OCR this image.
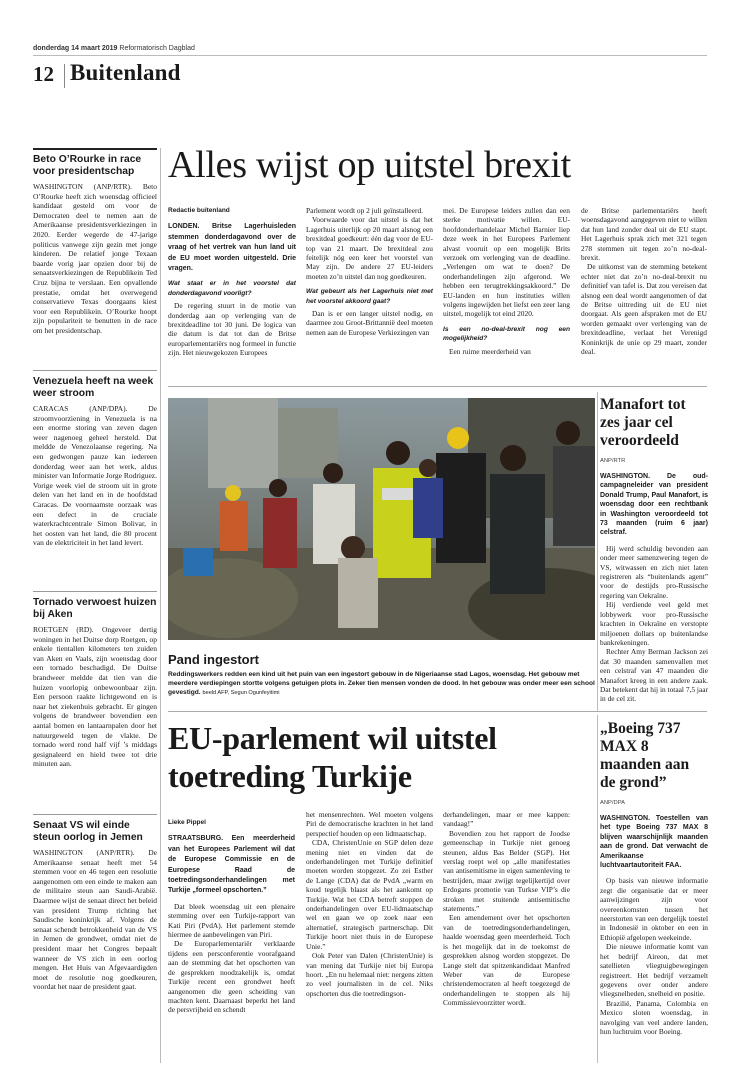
donderdag 14 maart 2019 Reformatorisch Dagblad
12 Buitenland
Beto O’Rourke in race voor presidentschap

WASHINGTON (ANP/RTR). Beto O’Rourke heeft zich woensdag officieel kandidaat gesteld om voor de Democraten deel te nemen aan de Amerikaanse presidentsverkiezingen in 2020. Eerder wegerde de 47-jarige politicus vanwege zijn gezin met jonge kinderen. De relatief jonge Texaan baarde vorig jaar opzien door bij de senaatsverkiezingen de Republikein Ted Cruz bijna te verslaan. Een opvallende prestatie, omdat het overwegend conservatieve Texas doorgaans kiest voor een Republikein. O’Rourke hoopt zijn populariteit te benutten in de race om het presidentschap.

Venezuela heeft na week weer stroom

CARACAS (ANP/DPA). De stroomvoorziening in Venezuela is na een enorme storing van zeven dagen weer nagenoeg geheel hersteld. Dat meldde de Venezolaanse regering. Na een gedwongen pauze kan iedereen donderdag weer aan het werk, aldus minister van Informatie Jorge Rodriguez. Vorige week viel de stroom uit in grote delen van het land en in de hoofdstad Caracas. De voornaamste oorzaak was een defect in de cruciale waterkrachtcentrale Simon Bolivar, in het oosten van het land, die 80 procent van de elektriciteit in het land levert.

Tornado verwoest huizen bij Aken

ROETGEN (RD). Ongeveer dertig woningen in het Duitse dorp Roetgen, op enkele tientallen kilometers ten zuiden van Aken en Vaals, zijn woensdag door een tornado beschadigd. De Duitse brandweer meldde dat tien van die huizen voorlopig onbewoonbaar zijn. Een persoon raakte lichtgewond en is naar het ziekenhuis gebracht. Er gingen volgens de brandweer bovendien een aantal bomen en lantaarnpalen door het natuurgeweld tegen de vlakte. De tornado werd rond half vijf ’s middags gesignaleerd en hield twee tot drie minuten aan.

Senaat VS wil einde steun oorlog in Jemen

WASHINGTON (ANP/RTR). De Amerikaanse senaat heeft met 54 stemmen voor en 46 tegen een resolutie aangenomen om een einde te maken aan de militaire steun aan Saudi-Arabië. Daarmee wijst de senaat direct het beleid van president Trump richting het Saudische koninkrijk af. Volgens de senaat schendt betrokkenheid van de VS in Jemen de grondwet, omdat niet de president maar het Congres bepaalt wanneer de VS zich in een oorlog mengen. Het Huis van Afgevaardigden moet de resolutie nog goedkeuren, voordat het naar de president gaat.

Alles wijst op uitstel brexit
Redactie buitenland

LONDEN. Britse Lagerhuisleden stemmen donderdagavond over de vraag of het vertrek van hun land uit de EU moet worden uitgesteld. Drie vragen.

Wat staat er in het voorstel dat donderdagavond voorligt?

De regering stuurt in de motie van donderdag aan op verlenging van de brexitdeadline tot 30 juni. De logica van die datum is dat tot dan de Britse europarlementariërs nog formeel in functie zijn. Het nieuwgekozen Europees

Parlement wordt op 2 juli geïnstalleerd.

Voorwaarde voor dat uitstel is dat het Lagerhuis uiterlijk op 20 maart alsnog een brexitdeal goedkeurt: één dag voor de EU-top van 21 maart. De brexitdeal zou feitelijk nóg een keer het voorstel van May zijn. De andere 27 EU-leiders moeten zo’n uitstel dan nog goedkeuren.

Wat gebeurt als het Lagerhuis niet met het voorstel akkoord gaat?

Dan is er een langer uitstel nodig, en daarmee zou Groot-Brittannië deel moeten nemen aan de Europese Verkiezingen van

mei. De Europese leiders zullen dan een sterke motivatie willen. EU-hoofdonderhandelaar Michel Barnier liep deze week in het Europees Parlement alvast vooruit op een mogelijk Brits verzoek om verlenging van de deadline. „Verlengen om wat te doen? De onderhandelingen zijn afgerond. We hebben een terugtrekkingsakkoord.” De EU-landen en hun instituties willen volgens ingewijden het liefst een zeer lang uitstel, mogelijk tot eind 2020.

Is een no-deal-brexit nog een mogelijkheid?

Een ruime meerderheid van

de Britse parlementariërs heeft woensdagavond aangegeven niet te willen dat hun land zonder deal uit de EU stapt. Het Lagerhuis sprak zich met 321 tegen 278 stemmen uit tegen zo’n no-deal-brexit.

De uitkomst van de stemming betekent echter niet dat zo’n no-deal-brexit nu definitief van tafel is. Dat zou vereisen dat alsnog een deal wordt aangenomen of dat de Britse uittreding uit de EU niet doorgaat. Als geen afspraken met de EU worden gemaakt over verlenging van de brexitdeadline, verlaat het Verenigd Koninkrijk de unie op 29 maart, zonder deal.

Pand ingestort
Reddingswerkers redden een kind uit het puin van een ingestort gebouw in de Nigeriaanse stad Lagos, woensdag. Het gebouw met meerdere verdiepingen stortte volgens getuigen plots in. Zeker tien mensen vonden de dood. In het gebouw was onder meer een school gevestigd. beeld AFP, Segun Ogunfeyitimi
Manafort tot zes jaar cel veroordeeld
ANP/RTR
WASHINGTON. De oud-campagneleider van president Donald Trump, Paul Manafort, is woensdag door een rechtbank in Washington veroordeeld tot 73 maanden (ruim 6 jaar) celstraf.

Hij werd schuldig bevonden aan onder meer samenzwering tegen de VS, witwassen en zich niet laten registreren als “buitenlands agent” voor de destijds pro-Russische regering van Oekraïne.

Hij verdiende veel geld met lobbywerk voor pro-Russische krachten in Oekraïne en verstopte miljoenen dollars op buitenlandse bankrekeningen.

Rechter Amy Berman Jackson zei dat 30 maanden samenvallen met een celstraf van 47 maanden die Manafort kreeg in een andere zaak. Dat betekent dat hij in totaal 7,5 jaar in de cel zit.

EU-parlement wil uitstel
toetreding Turkije
Lieke Pippel

STRAATSBURG. Een meerderheid van het Europees Parlement wil dat de Europese Commissie en de Europese Raad de toetredingsonderhandelingen met Turkije „formeel opschorten.”

Dat bleek woensdag uit een plenaire stemming over een Turkije-rapport van Kati Piri (PvdA). Het parlement stemde hiermee de aanbevelingen van Piri.

De Europarlementariër verklaarde tijdens een persconferentie voorafgaand aan de stemming dat het opschorten van de gesprekken noodzakelijk is, omdat Turkije recent een grondwet heeft aangenomen die geen scheiding van machten kent. Daarnaast beperkt het land de persvrijheid en schendt

het mensenrechten. Wel moeten volgens Piri de democratische krachten in het land perspectief houden op een lidmaatschap.

CDA, ChristenUnie en SGP delen deze mening niet en vinden dat de onderhandelingen met Turkije definitief moeten worden stopgezet. Zo zei Esther de Lange (CDA) dat de PvdA „warm en koud tegelijk blaast als het aankomt op Turkije. Wat het CDA betreft stoppen de onderhandelingen over EU-lidmaatschap wel en gaan we op zoek naar een alternatief, strategisch partnerschap. Dit Turkije hoort niet thuis in de Europese Unie.”

Ook Peter van Dalen (ChristenUnie) is van mening dat Turkije niet bij Europa hoort. „En nu helemaal niet: nergens zitten zo veel journalisten in de cel. Niks opschorten dus die toetredingson-

derhandelingen, maar er mee kappen: vandaag!”

Bovendien zou het rapport de Joodse gemeenschap in Turkije niet genoeg steunen, aldus Bas Belder (SGP). Het verslag roept wel op „alle manifestaties van antisemitisme in eigen samenleving te bestrijden, maar zwijgt tegelijkertijd over Erdogans promotie van Turkse VIP’s die stroken met stuitende antisemitische statements.”

Een amendement over het opschorten van de toetredingsonderhandelingen, haalde woensdag geen meerderheid. Toch is het mogelijk dat in de toekomst de gesprekken alsnog worden stopgezet. De Lange stelt dat spitzenkandidaat Manfred Weber van de Europese christendemocraten al heeft toegezegd de onderhandelingen te stoppen als hij Commissievoorzitter wordt.

„Boeing 737 MAX 8 maanden aan de grond”
ANP/DPA
WASHINGTON. Toestellen van het type Boeing 737 MAX 8 blijven waarschijnlijk maanden aan de grond. Dat verwacht de Amerikaanse luchtvaartautoriteit FAA.

Op basis van nieuwe informatie zegt die organisatie dat er meer aanwijzingen zijn voor overeenkomsten tussen het neerstorten van een dergelijk toestel in Indonesië in oktober en een in Ethiopië afgelopen weekeinde.

Die nieuwe informatie komt van het bedrijf Aireon, dat met satellieten vliegtuigbewegingen registreert. Het bedrijf verzamelt gegevens over onder andere vliegsnelheden, snelheid en positie.

Brazilië, Panama, Colombia en Mexico sloten woensdag, in navolging van veel andere landen, hun luchtruim voor Boeing.
